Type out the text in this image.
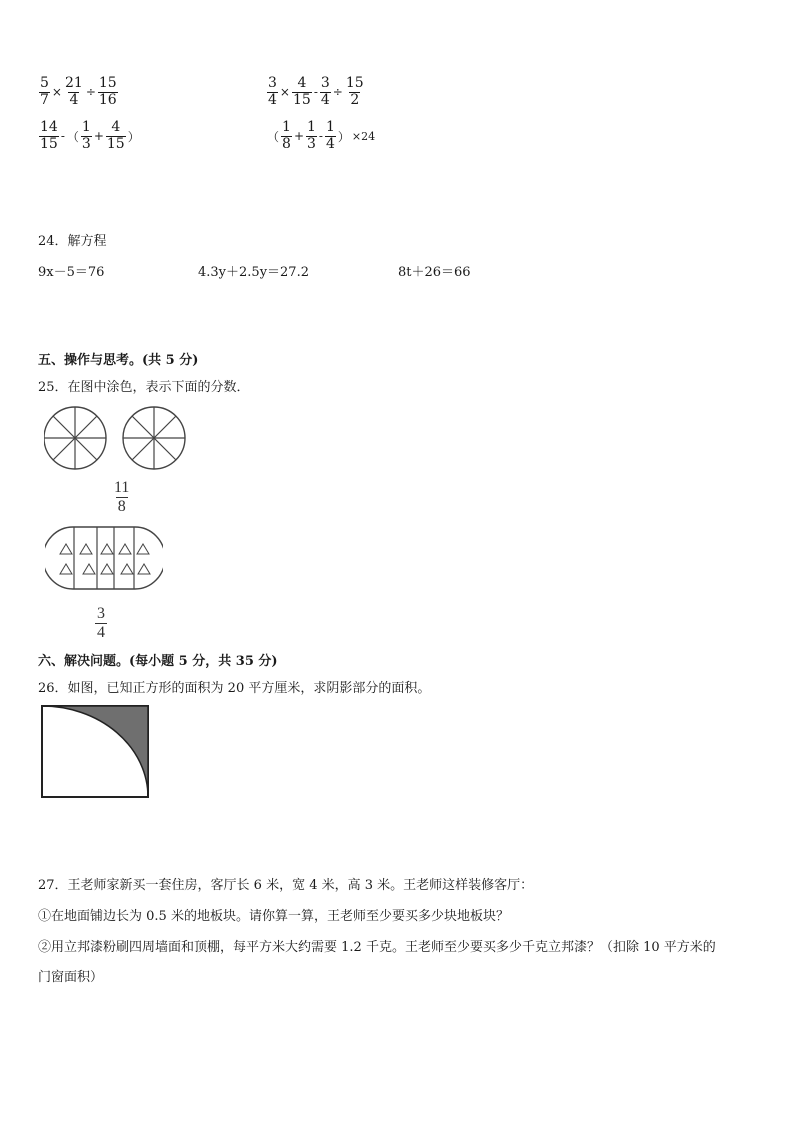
$\frac{5}{7} \times \frac{21}{4} \div \frac{15}{16}$	$\frac{3}{4} \times \frac{4}{15} - \frac{3}{4} \div \frac{15}{2}$
$\frac{14}{15}$ - （ $\frac{1}{3} + \frac{4}{15}$ ）	（ $\frac{1}{8} + \frac{1}{3} - \frac{1}{4}$ ） ×24
24．解方程
9x－5＝76	4.3y＋2.5y＝27.2	8t＋26＝66
五、操作与思考。(共 5 分)
25．在图中涂色，表示下面的分数．
$\frac{11}{8}$
$\frac{3}{4}$
六、解决问题。(每小题 5 分，共 35 分)
26．如图，已知正方形的面积为 20 平方厘米，求阴影部分的面积。
27．王老师家新买一套住房，客厅长 6 米，宽 4 米，高 3 米。王老师这样装修客厅：
①在地面铺边长为 0.5 米的地板块。请你算一算，王老师至少要买多少块地板块？
②用立邦漆粉刷四周墙面和顶棚，每平方米大约需要 1.2 千克。王老师至少要买多少千克立邦漆？（扣除 10 平方米的
门窗面积）
